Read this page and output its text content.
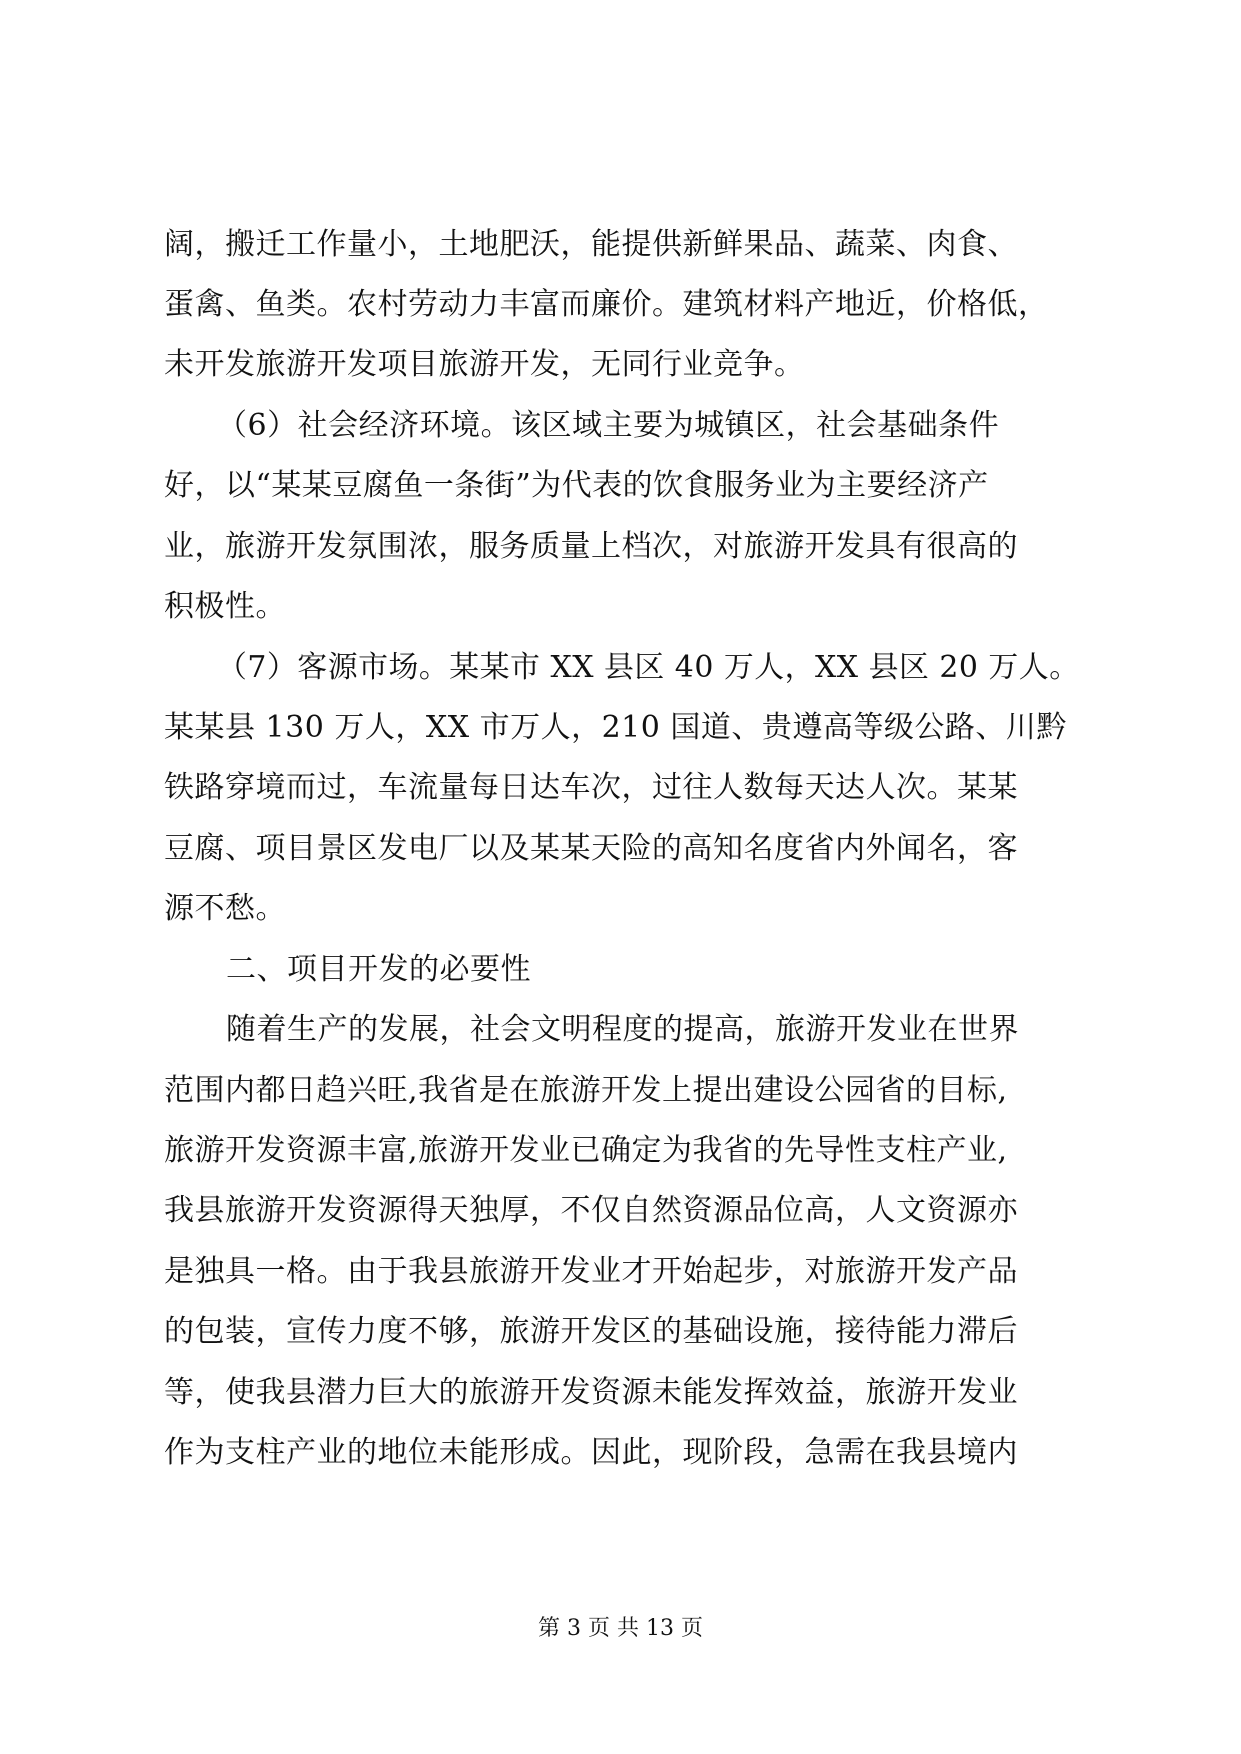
阔，搬迁工作量小，土地肥沃，能提供新鲜果品、蔬菜、肉食、
蛋禽、鱼类。农村劳动力丰富而廉价。建筑材料产地近，价格低，
未开发旅游开发项目旅游开发，无同行业竞争。
（6）社会经济环境。该区域主要为城镇区，社会基础条件
好，以“某某豆腐鱼一条街”为代表的饮食服务业为主要经济产
业，旅游开发氛围浓，服务质量上档次，对旅游开发具有很高的
积极性。
（7）客源市场。某某市 XX 县区 40 万人，XX 县区 20 万人。
某某县 130 万人，XX 市万人，210 国道、贵遵高等级公路、川黔
铁路穿境而过，车流量每日达车次，过往人数每天达人次。某某
豆腐、项目景区发电厂以及某某天险的高知名度省内外闻名，客
源不愁。
二、项目开发的必要性
随着生产的发展，社会文明程度的提高，旅游开发业在世界
范围内都日趋兴旺,我省是在旅游开发上提出建设公园省的目标,
旅游开发资源丰富,旅游开发业已确定为我省的先导性支柱产业,
我县旅游开发资源得天独厚，不仅自然资源品位高，人文资源亦
是独具一格。由于我县旅游开发业才开始起步，对旅游开发产品
的包装，宣传力度不够，旅游开发区的基础设施，接待能力滞后
等，使我县潜力巨大的旅游开发资源未能发挥效益，旅游开发业
作为支柱产业的地位未能形成。因此，现阶段，急需在我县境内
第 3 页 共 13 页
